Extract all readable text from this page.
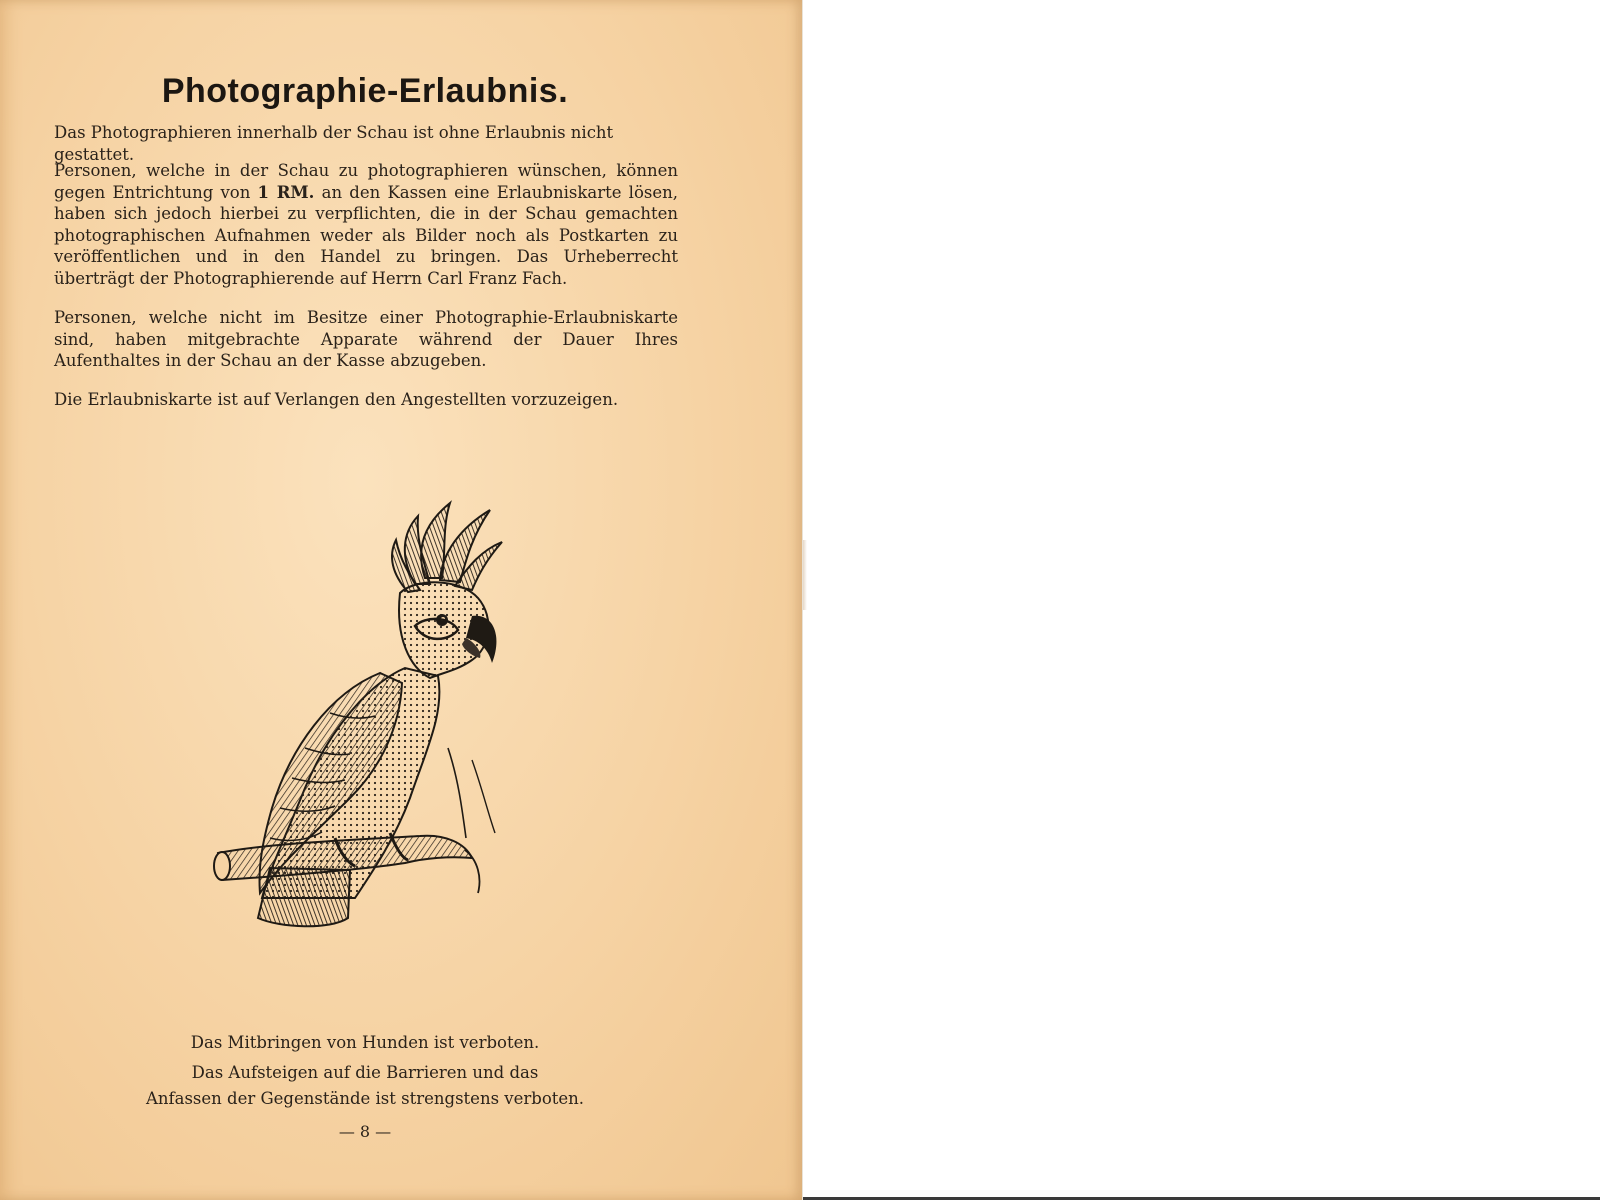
Photographie-Erlaubnis.
Das Photographieren innerhalb der Schau ist ohne Erlaubnis nicht gestattet.
Personen, welche in der Schau zu photographieren wünschen, können gegen Entrichtung von 1 RM. an den Kassen eine Erlaubniskarte lösen, haben sich jedoch hierbei zu verpflichten, die in der Schau gemachten photographischen Aufnahmen weder als Bilder noch als Postkarten zu veröffentlichen und in den Handel zu bringen. Das Urheberrecht überträgt der Photographierende auf Herrn Carl Franz Fach.
Personen, welche nicht im Besitze einer Photographie-Erlaubniskarte sind, haben mitgebrachte Apparate während der Dauer Ihres Aufenthaltes in der Schau an der Kasse abzugeben.
Die Erlaubniskarte ist auf Verlangen den Angestellten vorzuzeigen.
Das Mitbringen von Hunden ist verboten.
Das Aufsteigen auf die Barrieren und das
Anfassen der Gegenstände ist strengstens verboten.
— 8 —
